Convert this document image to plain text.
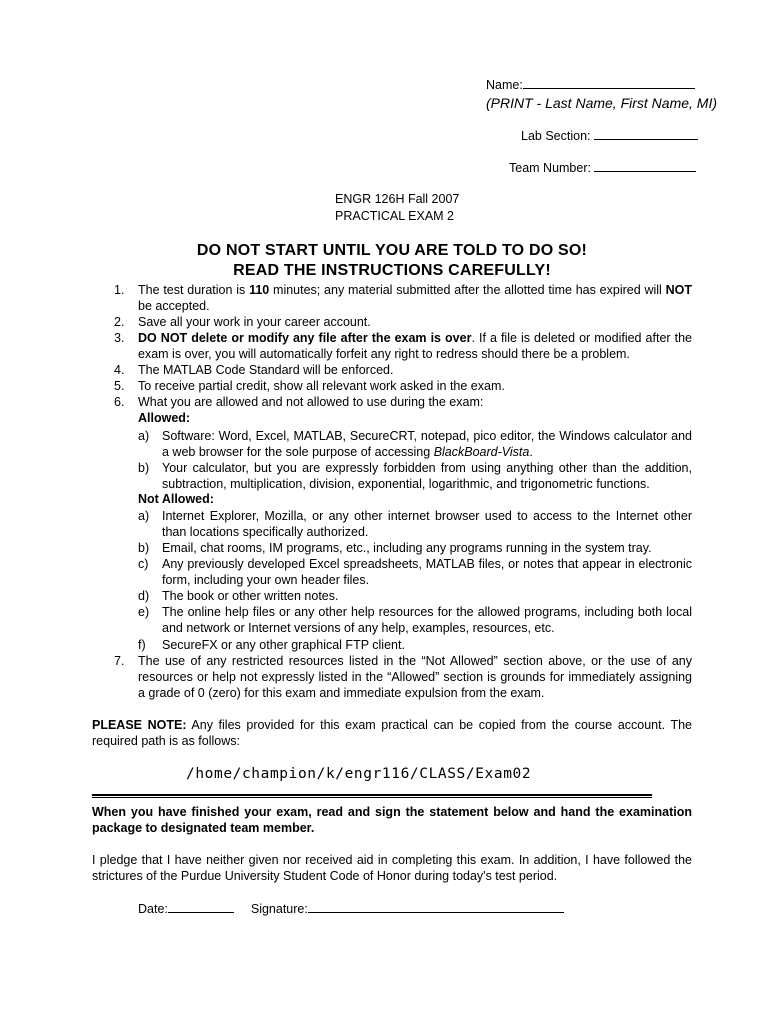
Name:
(PRINT - Last Name, First Name, MI)
Lab Section:
Team Number:
ENGR 126H Fall 2007
PRACTICAL EXAM 2
DO NOT START UNTIL YOU ARE TOLD TO DO SO!
READ THE INSTRUCTIONS CAREFULLY!
1. The test duration is 110 minutes; any material submitted after the allotted time has expired will NOT be accepted.
2. Save all your work in your career account.
3. DO NOT delete or modify any file after the exam is over. If a file is deleted or modified after the exam is over, you will automatically forfeit any right to redress should there be a problem.
4. The MATLAB Code Standard will be enforced.
5. To receive partial credit, show all relevant work asked in the exam.
6. What you are allowed and not allowed to use during the exam:
Allowed:
a) Software: Word, Excel, MATLAB, SecureCRT, notepad, pico editor, the Windows calculator and a web browser for the sole purpose of accessing BlackBoard-Vista.
b) Your calculator, but you are expressly forbidden from using anything other than the addition, subtraction, multiplication, division, exponential, logarithmic, and trigonometric functions.
Not Allowed:
a) Internet Explorer, Mozilla, or any other internet browser used to access to the Internet other than locations specifically authorized.
b) Email, chat rooms, IM programs, etc., including any programs running in the system tray.
c) Any previously developed Excel spreadsheets, MATLAB files, or notes that appear in electronic form, including your own header files.
d) The book or other written notes.
e) The online help files or any other help resources for the allowed programs, including both local and network or Internet versions of any help, examples, resources, etc.
f) SecureFX or any other graphical FTP client.
7. The use of any restricted resources listed in the “Not Allowed” section above, or the use of any resources or help not expressly listed in the “Allowed” section is grounds for immediately assigning a grade of 0 (zero) for this exam and immediate expulsion from the exam.
PLEASE NOTE: Any files provided for this exam practical can be copied from the course account. The required path is as follows:
/home/champion/k/engr116/CLASS/Exam02
When you have finished your exam, read and sign the statement below and hand the examination package to designated team member.
I pledge that I have neither given nor received aid in completing this exam. In addition, I have followed the strictures of the Purdue University Student Code of Honor during today's test period.
Date:	Signature:
